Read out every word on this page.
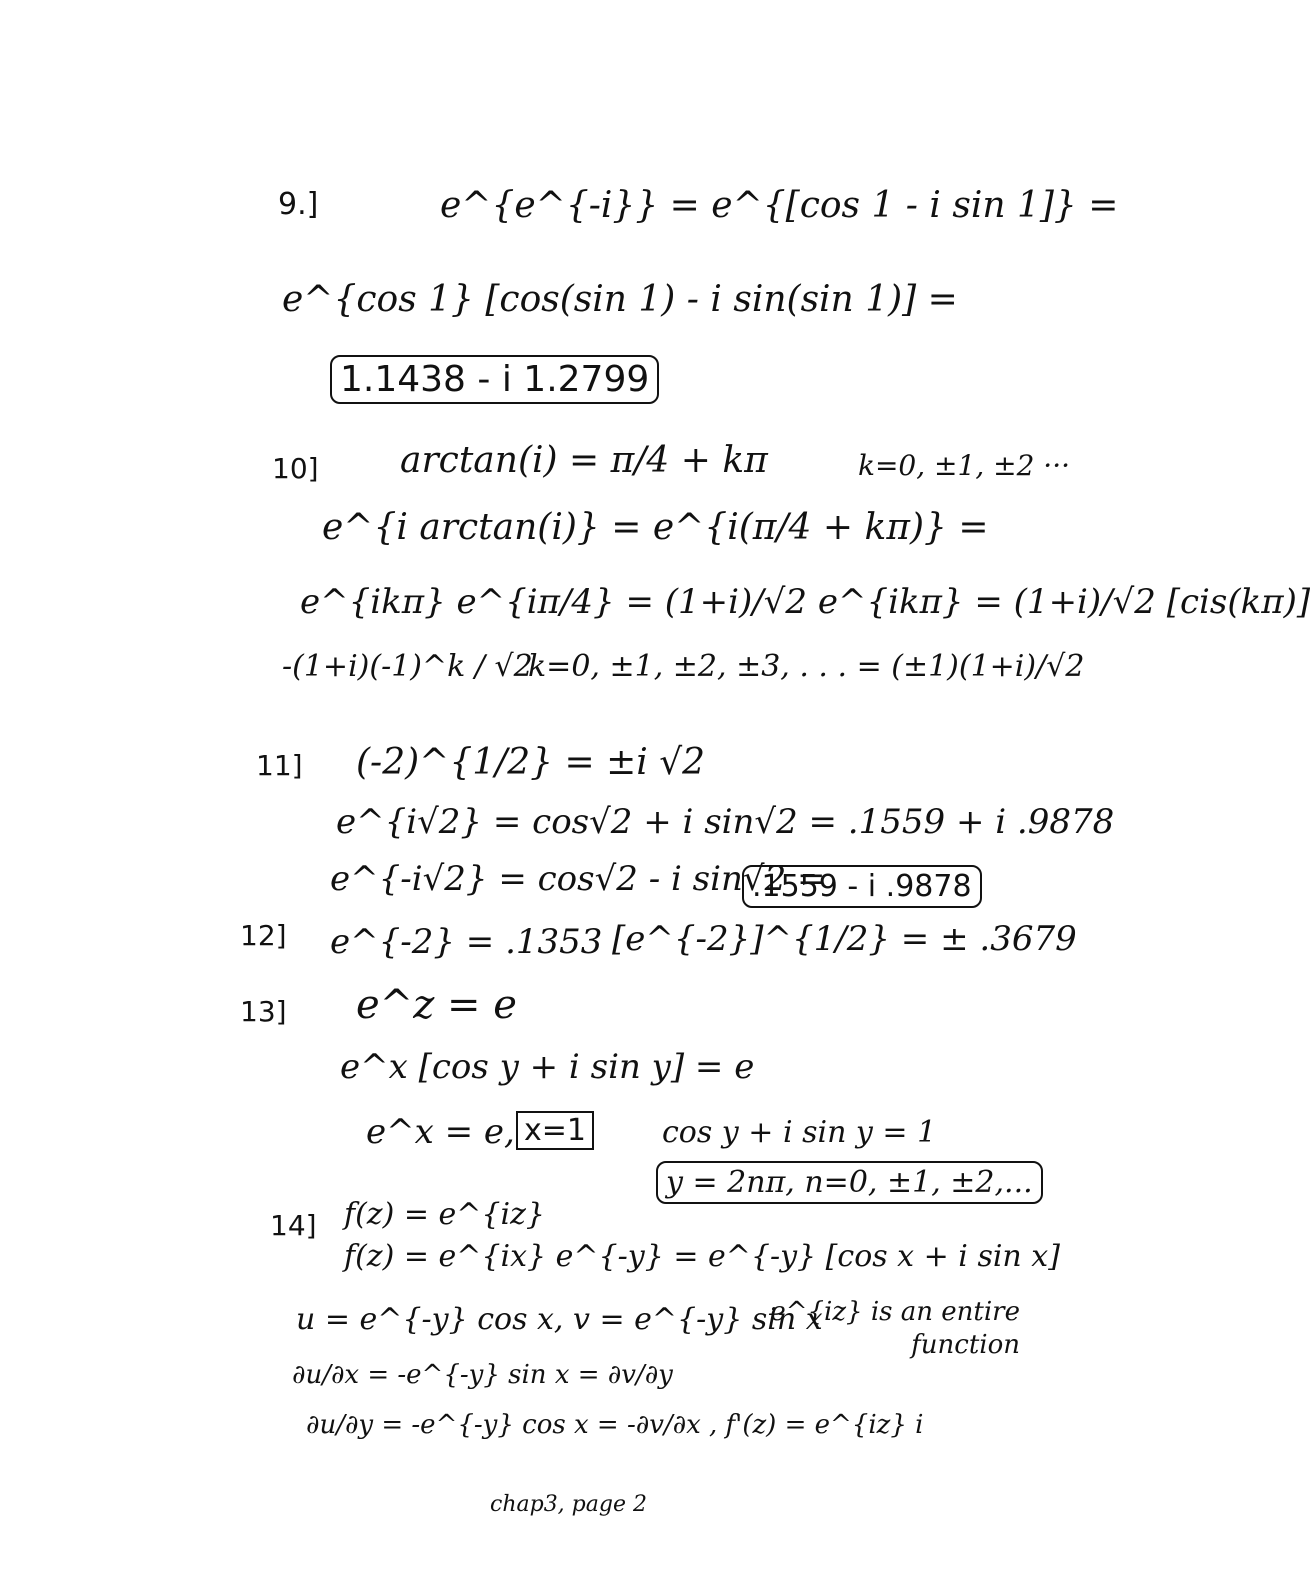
9.]	e^{e^{-i}} = e^{[cos 1 - i sin 1]} =
e^{cos 1} [cos(sin 1) - i sin(sin 1)] =
1.1438 - i 1.2799
10] arctan(i) = π/4 + kπ	k=0, ±1, ±2 ···
e^{i arctan(i)} = e^{i(π/4 + kπ)} =
e^{ikπ} e^{iπ/4} = (1+i)/√2 e^{ikπ} = (1+i)/√2 [cis(kπ)]
-(1+i)(-1)^k / √2
k=0, ±1, ±2, ±3, . . . = (±1)(1+i)/√2
11] (-2)^{1/2} = ±i √2
e^{i√2} = cos√2 + i sin√2 = .1559 + i .9878
e^{-i√2} = cos√2 - i sin√2 =
.1559 - i .9878
12] e^{-2} = .1353 [e^{-2}]^{1/2} = ± .3679
13] e^z = e
e^x [cos y + i sin y] = e
e^x = e, x=1	cos y + i sin y = 1
y = 2nπ, n=0, ±1, ±2,...
14] f(z) = e^{iz}
f(z) = e^{ix} e^{-y} = e^{-y} [cos x + i sin x]
u = e^{-y} cos x, v = e^{-y} sin x
e^{iz} is an entire function
∂u/∂x = -e^{-y} sin x = ∂v/∂y
∂u/∂y = -e^{-y} cos x = -∂v/∂x , f'(z) = e^{iz} i
chap3, page 2
